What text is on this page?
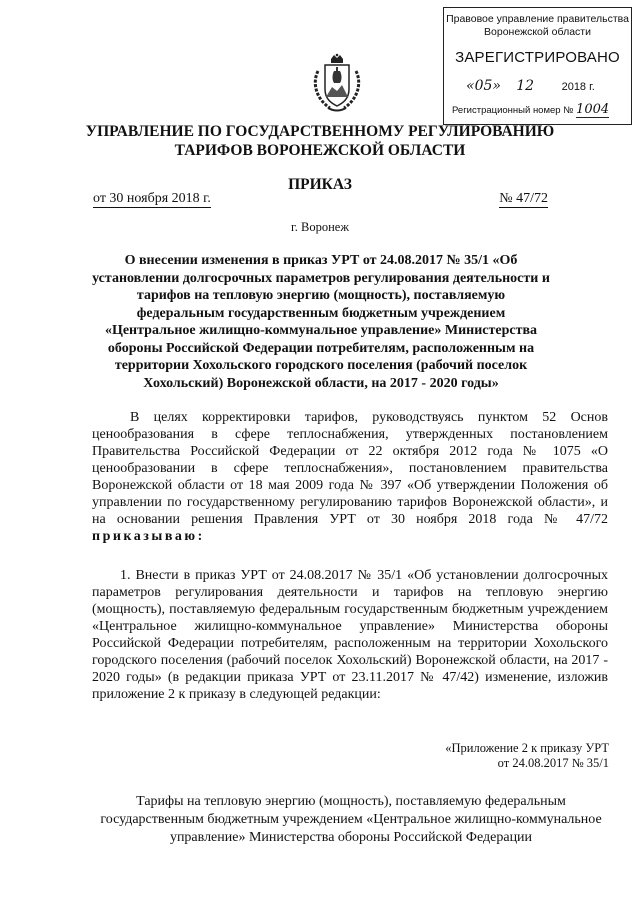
Правовое управление правительства
Воронежской области
ЗАРЕГИСТРИРОВАНО
«05» 12	2018 г.
Регистрационный номер № 1004
УПРАВЛЕНИЕ ПО ГОСУДАРСТВЕННОМУ РЕГУЛИРОВАНИЮ
ТАРИФОВ ВОРОНЕЖСКОЙ ОБЛАСТИ
ПРИКАЗ
от 30 ноября 2018 г.	№ 47/72
г. Воронеж
О внесении изменения в приказ УРТ от 24.08.2017 № 35/1 «Об установлении долгосрочных параметров регулирования деятельности и тарифов на тепловую энергию (мощность), поставляемую федеральным государственным бюджетным учреждением «Центральное жилищно-коммунальное управление» Министерства обороны Российской Федерации потребителям, расположенным на территории Хохольского городского поселения (рабочий поселок Хохольский) Воронежской области, на 2017 - 2020 годы»
В целях корректировки тарифов, руководствуясь пунктом 52 Основ ценообразования в сфере теплоснабжения, утвержденных постановлением Правительства Российской Федерации от 22 октября 2012 года № 1075 «О ценообразовании в сфере теплоснабжения», постановлением правительства Воронежской области от 18 мая 2009 года № 397 «Об утверждении Положения об управлении по государственному регулированию тарифов Воронежской области», и на основании решения Правления УРТ от 30 ноября 2018 года № 47/72 приказываю:
1. Внести в приказ УРТ от 24.08.2017 № 35/1 «Об установлении долгосрочных параметров регулирования деятельности и тарифов на тепловую энергию (мощность), поставляемую федеральным государственным бюджетным учреждением «Центральное жилищно-коммунальное управление» Министерства обороны Российской Федерации потребителям, расположенным на территории Хохольского городского поселения (рабочий поселок Хохольский) Воронежской области, на 2017 - 2020 годы» (в редакции приказа УРТ от 23.11.2017 № 47/42) изменение, изложив приложение 2 к приказу в следующей редакции:
«Приложение 2 к приказу УРТ
от 24.08.2017 № 35/1
Тарифы на тепловую энергию (мощность), поставляемую федеральным государственным бюджетным учреждением «Центральное жилищно-коммунальное управление» Министерства обороны Российской Федерации
